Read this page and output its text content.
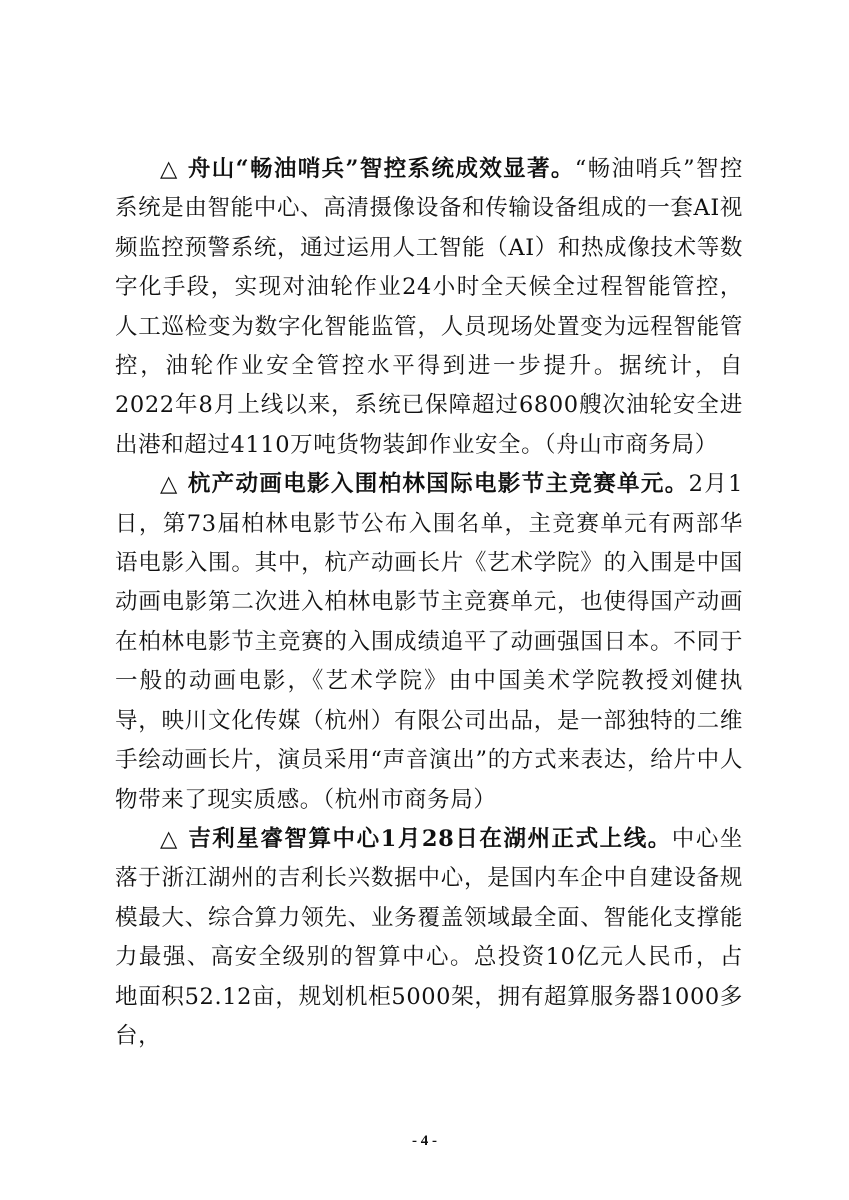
△ 舟山“畅油哨兵”智控系统成效显著。“畅油哨兵”智控系统是由智能中心、高清摄像设备和传输设备组成的一套AI视频监控预警系统，通过运用人工智能（AI）和热成像技术等数字化手段，实现对油轮作业24小时全天候全过程智能管控，人工巡检变为数字化智能监管，人员现场处置变为远程智能管控，油轮作业安全管控水平得到进一步提升。据统计，自2022年8月上线以来，系统已保障超过6800艘次油轮安全进出港和超过4110万吨货物装卸作业安全。（舟山市商务局）

△ 杭产动画电影入围柏林国际电影节主竞赛单元。2月1日，第73届柏林电影节公布入围名单，主竞赛单元有两部华语电影入围。其中，杭产动画长片《艺术学院》的入围是中国动画电影第二次进入柏林电影节主竞赛单元，也使得国产动画在柏林电影节主竞赛的入围成绩追平了动画强国日本。不同于一般的动画电影，《艺术学院》由中国美术学院教授刘健执导，映川文化传媒（杭州）有限公司出品，是一部独特的二维手绘动画长片，演员采用“声音演出”的方式来表达，给片中人物带来了现实质感。（杭州市商务局）

△ 吉利星睿智算中心1月28日在湖州正式上线。中心坐落于浙江湖州的吉利长兴数据中心，是国内车企中自建设备规模最大、综合算力领先、业务覆盖领域最全面、智能化支撑能力最强、高安全级别的智算中心。总投资10亿元人民币，占地面积52.12亩，规划机柜5000架，拥有超算服务器1000多台，

- 4 -
